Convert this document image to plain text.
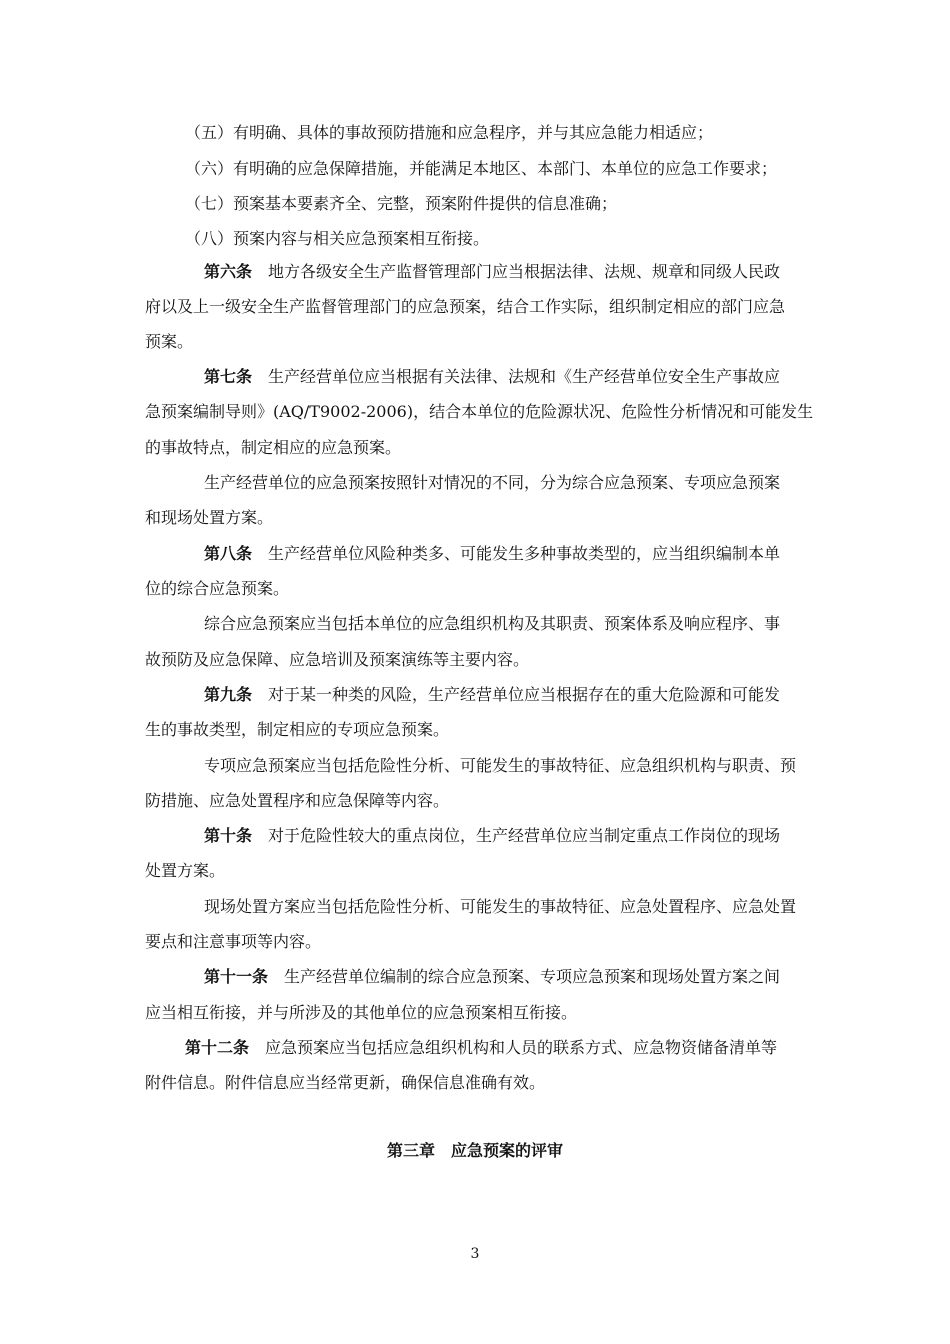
（五）有明确、具体的事故预防措施和应急程序，并与其应急能力相适应；
（六）有明确的应急保障措施，并能满足本地区、本部门、本单位的应急工作要求；
（七）预案基本要素齐全、完整，预案附件提供的信息准确；
（八）预案内容与相关应急预案相互衔接。
第六条 地方各级安全生产监督管理部门应当根据法律、法规、规章和同级人民政
府以及上一级安全生产监督管理部门的应急预案，结合工作实际，组织制定相应的部门应急
预案。
第七条 生产经营单位应当根据有关法律、法规和《生产经营单位安全生产事故应
急预案编制导则》(AQ/T9002-2006)，结合本单位的危险源状况、危险性分析情况和可能发生
的事故特点，制定相应的应急预案。
生产经营单位的应急预案按照针对情况的不同，分为综合应急预案、专项应急预案
和现场处置方案。
第八条 生产经营单位风险种类多、可能发生多种事故类型的，应当组织编制本单
位的综合应急预案。
综合应急预案应当包括本单位的应急组织机构及其职责、预案体系及响应程序、事
故预防及应急保障、应急培训及预案演练等主要内容。
第九条 对于某一种类的风险，生产经营单位应当根据存在的重大危险源和可能发
生的事故类型，制定相应的专项应急预案。
专项应急预案应当包括危险性分析、可能发生的事故特征、应急组织机构与职责、预
防措施、应急处置程序和应急保障等内容。
第十条 对于危险性较大的重点岗位，生产经营单位应当制定重点工作岗位的现场
处置方案。
现场处置方案应当包括危险性分析、可能发生的事故特征、应急处置程序、应急处置
要点和注意事项等内容。
第十一条 生产经营单位编制的综合应急预案、专项应急预案和现场处置方案之间
应当相互衔接，并与所涉及的其他单位的应急预案相互衔接。
第十二条 应急预案应当包括应急组织机构和人员的联系方式、应急物资储备清单等
附件信息。附件信息应当经常更新，确保信息准确有效。
第三章　应急预案的评审
3
